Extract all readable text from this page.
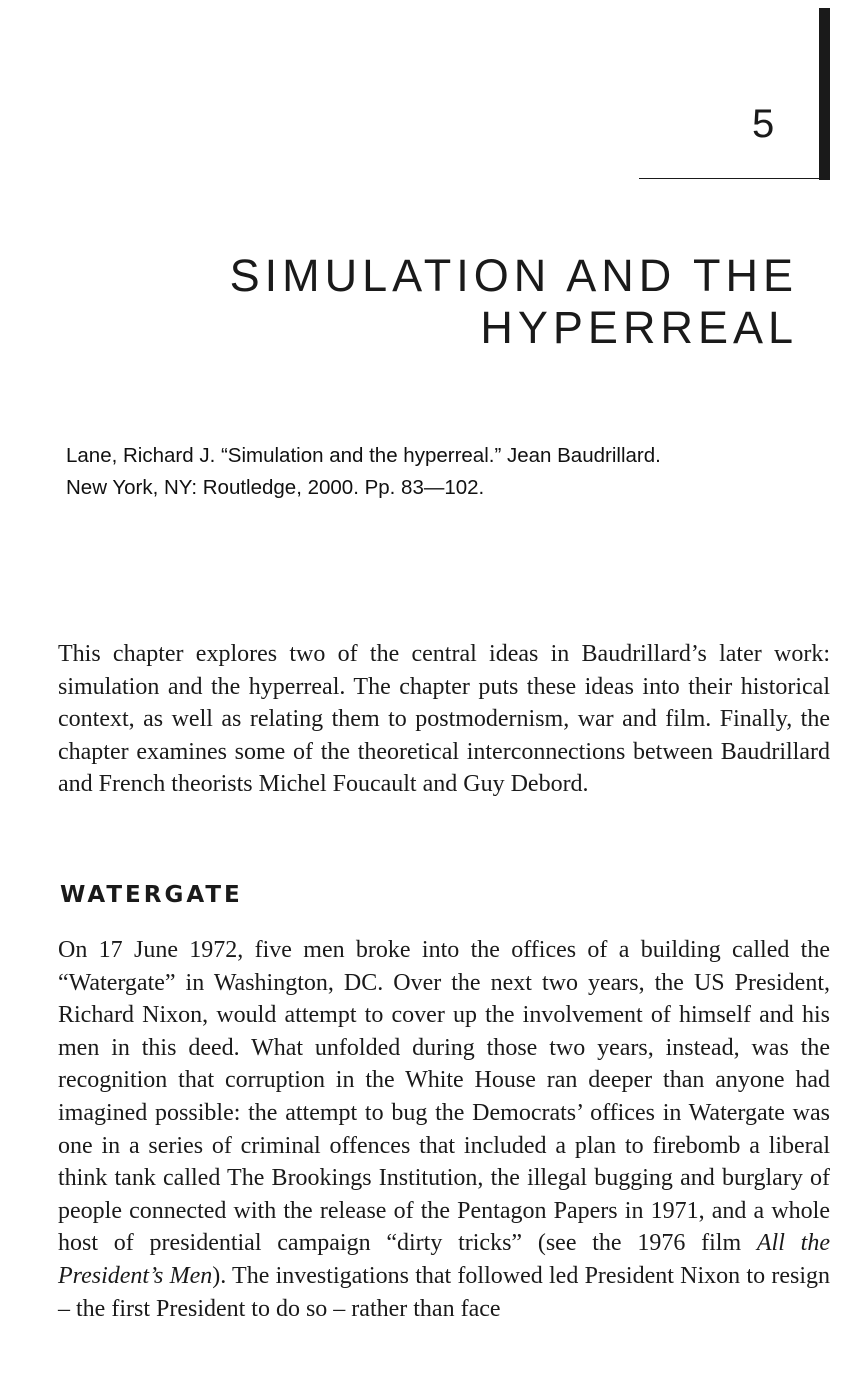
5
SIMULATION AND THE
HYPERREAL

Lane, Richard J. “Simulation and the hyperreal.” Jean Baudrillard.
New York, NY: Routledge, 2000. Pp. 83—102.

This chapter explores two of the central ideas in Baudrillard’s later work: simulation and the hyperreal. The chapter puts these ideas into their historical context, as well as relating them to postmodernism, war and film. Finally, the chapter examines some of the theoretical interconnections between Baudrillard and French theorists Michel Foucault and Guy Debord.

WATERGATE

On 17 June 1972, five men broke into the offices of a building called the “Watergate” in Washington, DC. Over the next two years, the US President, Richard Nixon, would attempt to cover up the involvement of himself and his men in this deed. What unfolded during those two years, instead, was the recognition that corruption in the White House ran deeper than anyone had imagined possible: the attempt to bug the Democrats’ offices in Watergate was one in a series of criminal offences that included a plan to firebomb a liberal think tank called The Brookings Institution, the illegal bugging and burglary of people connected with the release of the Pentagon Papers in 1971, and a whole host of presidential campaign “dirty tricks” (see the 1976 film All the President’s Men). The investigations that followed led President Nixon to resign – the first President to do so – rather than face
